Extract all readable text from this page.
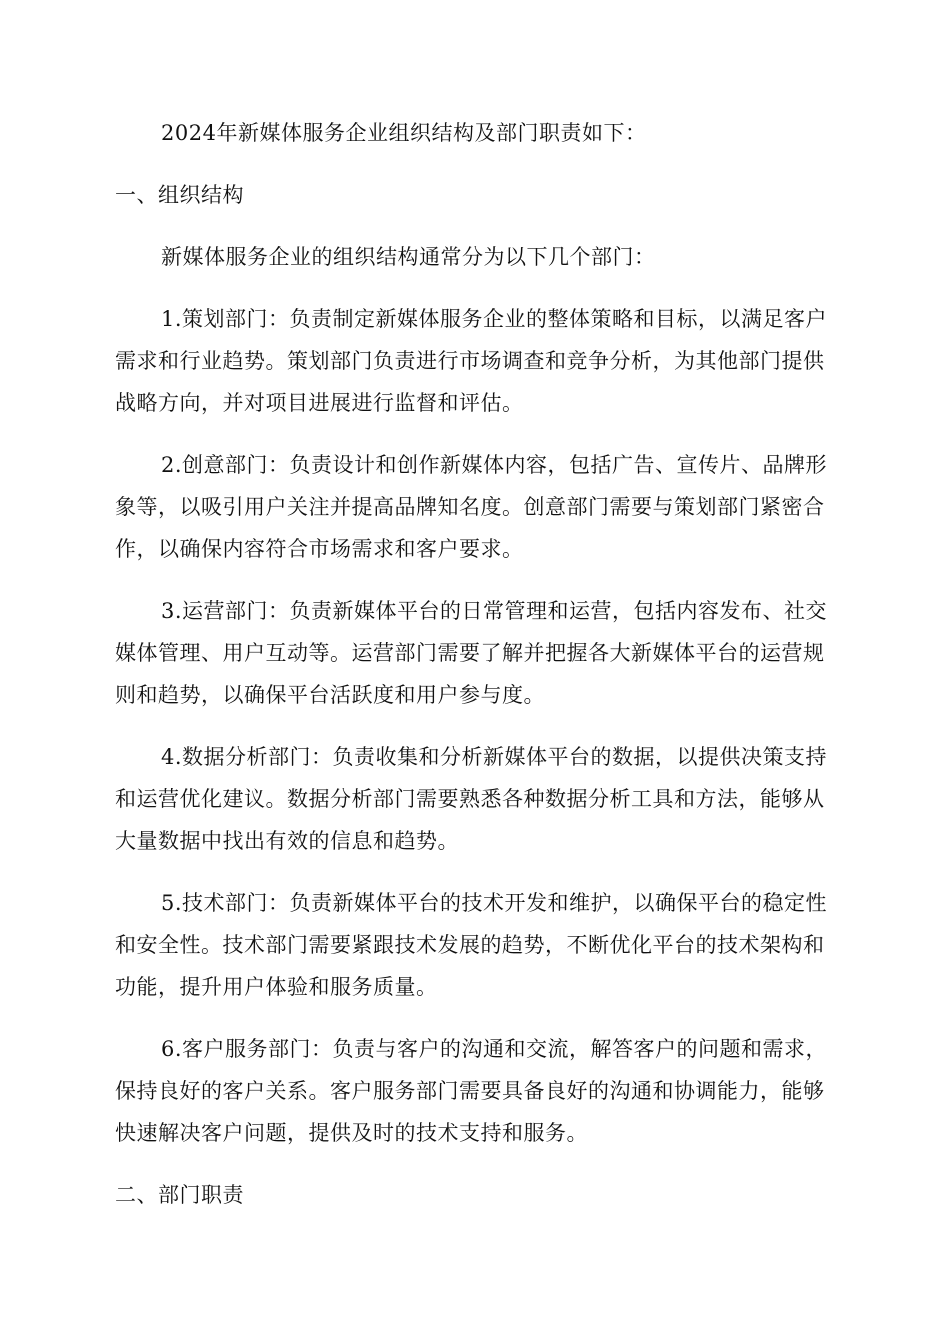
2024年新媒体服务企业组织结构及部门职责如下：

一、组织结构

新媒体服务企业的组织结构通常分为以下几个部门：

1.策划部门：负责制定新媒体服务企业的整体策略和目标，以满足客户需求和行业趋势。策划部门负责进行市场调查和竞争分析，为其他部门提供战略方向，并对项目进展进行监督和评估。

2.创意部门：负责设计和创作新媒体内容，包括广告、宣传片、品牌形象等，以吸引用户关注并提高品牌知名度。创意部门需要与策划部门紧密合作，以确保内容符合市场需求和客户要求。

3.运营部门：负责新媒体平台的日常管理和运营，包括内容发布、社交媒体管理、用户互动等。运营部门需要了解并把握各大新媒体平台的运营规则和趋势，以确保平台活跃度和用户参与度。

4.数据分析部门：负责收集和分析新媒体平台的数据，以提供决策支持和运营优化建议。数据分析部门需要熟悉各种数据分析工具和方法，能够从大量数据中找出有效的信息和趋势。

5.技术部门：负责新媒体平台的技术开发和维护，以确保平台的稳定性和安全性。技术部门需要紧跟技术发展的趋势，不断优化平台的技术架构和功能，提升用户体验和服务质量。

6.客户服务部门：负责与客户的沟通和交流，解答客户的问题和需求，保持良好的客户关系。客户服务部门需要具备良好的沟通和协调能力，能够快速解决客户问题，提供及时的技术支持和服务。

二、部门职责
